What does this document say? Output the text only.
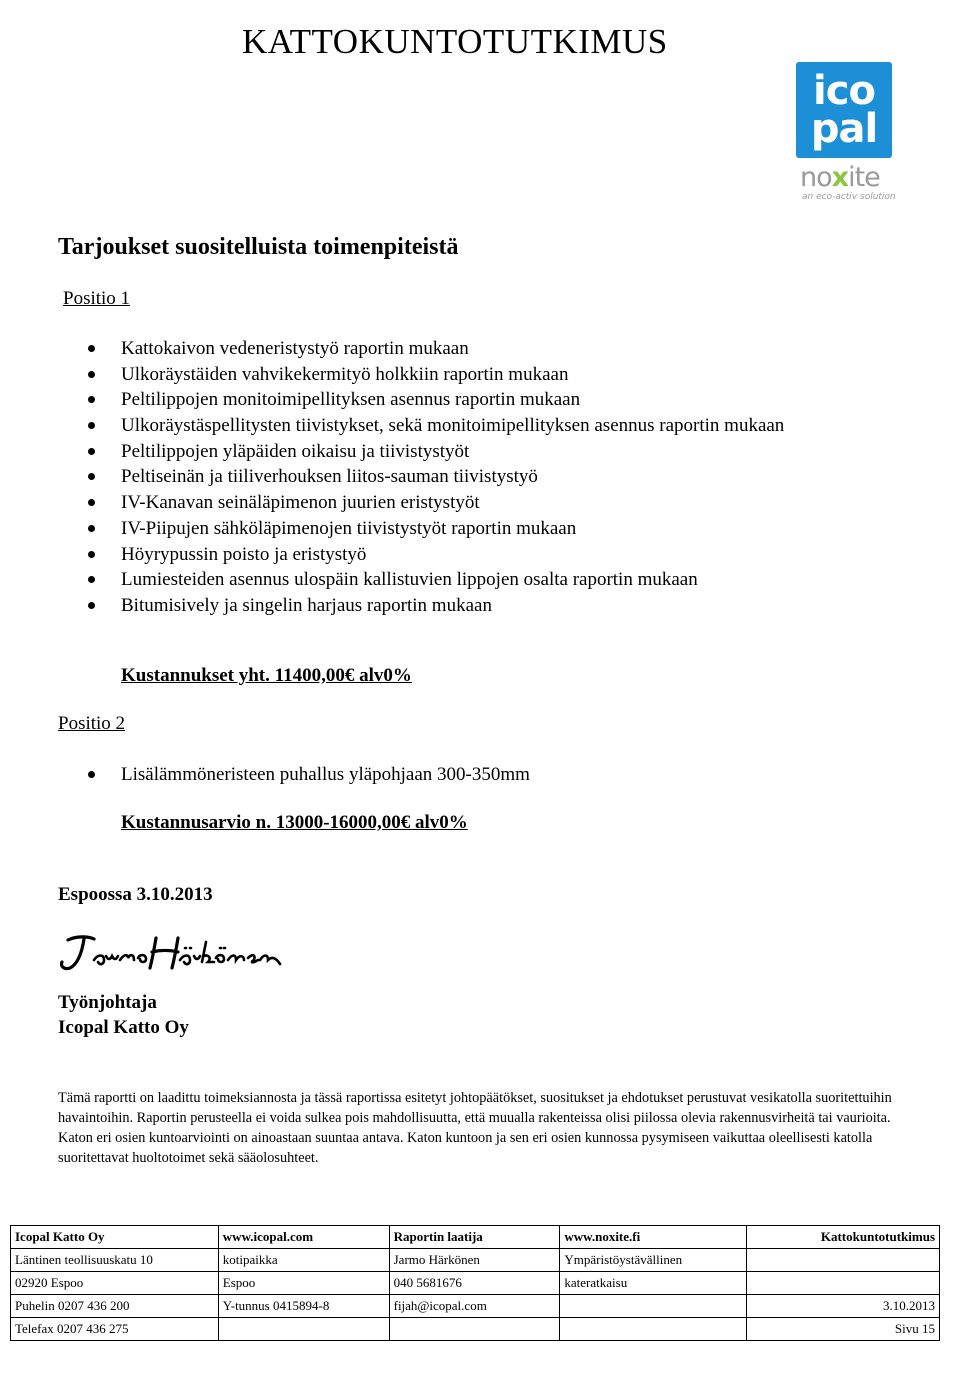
KATTOKUNTOTUTKIMUS
ico
pal
noxite
an eco-activ solution
Tarjoukset suositelluista toimenpiteistä
Positio 1
Kattokaivon vedeneristystyö raportin mukaan
Ulkoräystäiden vahvikekermityö holkkiin raportin mukaan
Peltilippojen monitoimipellityksen asennus raportin mukaan
Ulkoräystäspellitysten tiivistykset, sekä monitoimipellityksen asennus raportin mukaan
Peltilippojen yläpäiden oikaisu ja tiivistystyöt
Peltiseinän ja tiiliverhouksen liitos-sauman tiivistystyö
IV-Kanavan seinäläpimenon juurien eristystyöt
IV-Piipujen sähköläpimenojen tiivistystyöt raportin mukaan
Höyrypussin poisto ja eristystyö
Lumiesteiden asennus ulospäin kallistuvien lippojen osalta raportin mukaan
Bitumisively ja singelin harjaus raportin mukaan
Kustannukset yht. 11400,00€ alv0%
Positio 2
Lisälämmöneristeen puhallus yläpohjaan 300-350mm
Kustannusarvio n. 13000-16000,00€ alv0%
Espoossa 3.10.2013
Työnjohtaja
Icopal Katto Oy

Tämä raportti on laadittu toimeksiannosta ja tässä raportissa esitetyt johtopäätökset, suositukset ja ehdotukset perustuvat vesikatolla suoritettuihin havaintoihin. Raportin perusteella ei voida sulkea pois mahdollisuutta, että muualla rakenteissa olisi piilossa olevia rakennusvirheitä tai vaurioita. Katon eri osien kuntoarviointi on ainoastaan suuntaa antava. Katon kuntoon ja sen eri osien kunnossa pysymiseen vaikuttaa oleellisesti katolla suoritettavat huoltotoimet sekä sääolosuhteet.

Icopal Katto Oy	www.icopal.com	Raportin laatija	www.noxite.fi	Kattokuntotutkimus
Läntinen teollisuuskatu 10	kotipaikka	Jarmo Härkönen	Ympäristöystävällinen	
02920 Espoo	Espoo	040 5681676	kateratkaisu	
Puhelin 0207 436 200	Y-tunnus 0415894-8	fijah@icopal.com		3.10.2013
Telefax 0207 436 275				Sivu 15
